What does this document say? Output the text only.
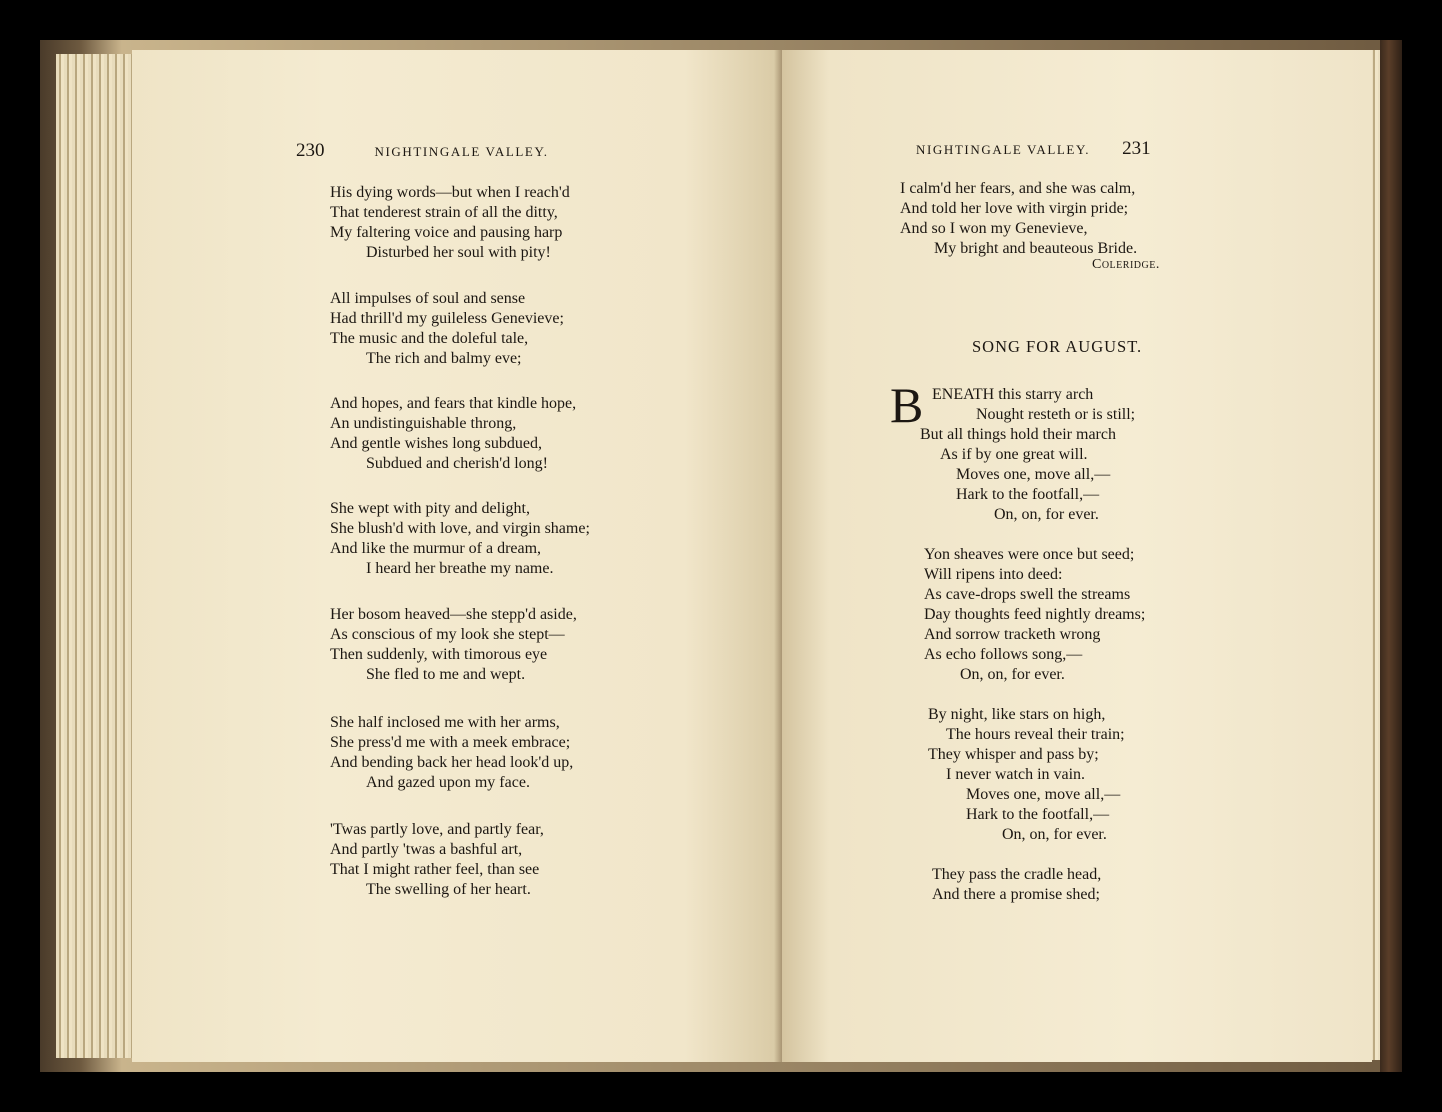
230	NIGHTINGALE VALLEY.
His dying words—but when I reach'd
That tenderest strain of all the ditty,
My faltering voice and pausing harp
Disturbed her soul with pity!
All impulses of soul and sense
Had thrill'd my guileless Genevieve;
The music and the doleful tale,
The rich and balmy eve;
And hopes, and fears that kindle hope,
An undistinguishable throng,
And gentle wishes long subdued,
Subdued and cherish'd long!
She wept with pity and delight,
She blush'd with love, and virgin shame;
And like the murmur of a dream,
I heard her breathe my name.
Her bosom heaved—she stepp'd aside,
As conscious of my look she stept—
Then suddenly, with timorous eye
She fled to me and wept.
She half inclosed me with her arms,
She press'd me with a meek embrace;
And bending back her head look'd up,
And gazed upon my face.
'Twas partly love, and partly fear,
And partly 'twas a bashful art,
That I might rather feel, than see
The swelling of her heart.
NIGHTINGALE VALLEY. 231
I calm'd her fears, and she was calm,
And told her love with virgin pride;
And so I won my Genevieve,
My bright and beauteous Bride.
Coleridge.
SONG FOR AUGUST.
B ENEATH this starry arch
Nought resteth or is still;
But all things hold their march
As if by one great will.
Moves one, move all,—
Hark to the footfall,—
On, on, for ever.
Yon sheaves were once but seed;
Will ripens into deed:
As cave-drops swell the streams
Day thoughts feed nightly dreams;
And sorrow tracketh wrong
As echo follows song,—
On, on, for ever.
By night, like stars on high,
The hours reveal their train;
They whisper and pass by;
I never watch in vain.
Moves one, move all,—
Hark to the footfall,—
On, on, for ever.
They pass the cradle head,
And there a promise shed;
